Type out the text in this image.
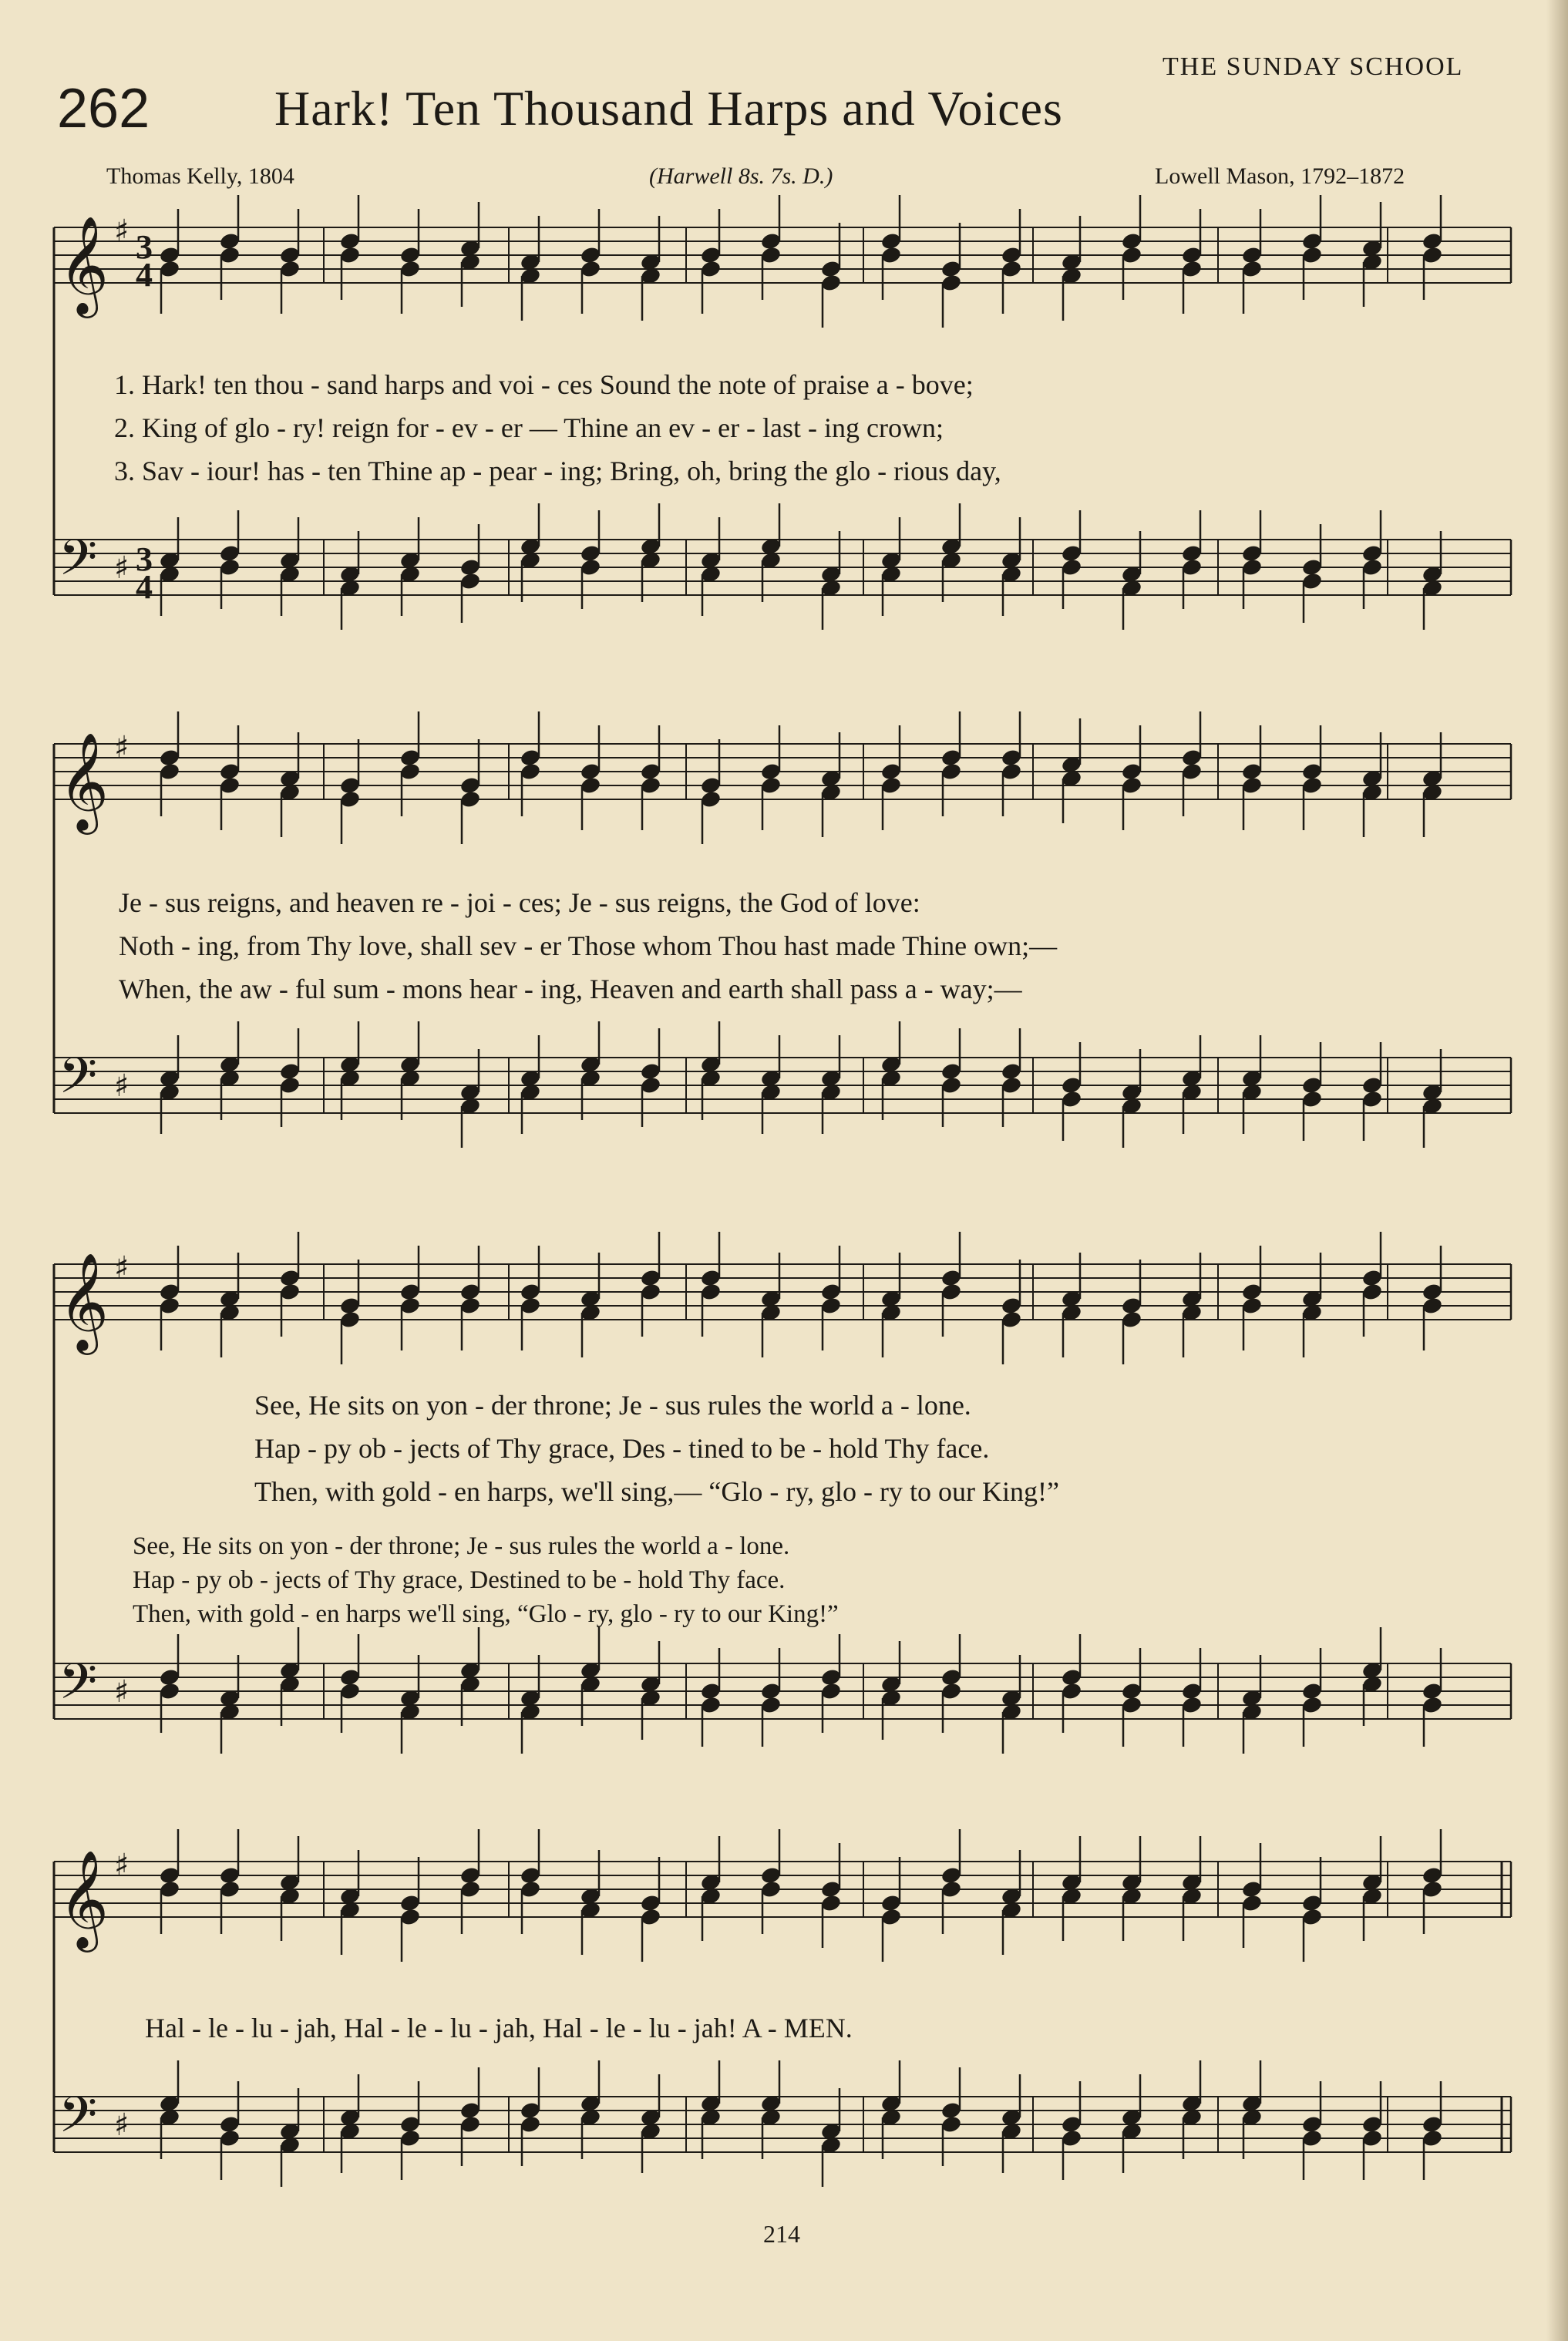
THE SUNDAY SCHOOL
262	Hark! Ten Thousand Harps and Voices
Thomas Kelly, 1804	(Harwell 8s. 7s. D.)	Lowell Mason, 1792–1872
𝄞
𝄢
♯
♯
3
4
3
4
𝄞
𝄢
♯
♯
𝄞
𝄢
♯
♯
𝄞
𝄢
♯
♯
1. Hark! ten thou - sand harps and voi - ces Sound the note of praise a - bove;
2. King of glo - ry! reign for - ev - er — Thine an ev - er - last - ing crown;
3. Sav - iour! has - ten Thine ap - pear - ing; Bring, oh, bring the glo - rious day,
Je - sus reigns, and heaven re - joi - ces; Je - sus reigns, the God of love:
Noth - ing, from Thy love, shall sev - er Those whom Thou hast made Thine own;—
When, the aw - ful sum - mons hear - ing, Heaven and earth shall pass a - way;—
See, He sits on yon - der throne; Je - sus rules the world a - lone.
Hap - py ob - jects of Thy grace, Des - tined to be - hold Thy face.
Then, with gold - en harps, we'll sing,— “Glo - ry, glo - ry to our King!”
See, He sits on yon - der throne; Je - sus rules the world a - lone.
Hap - py ob - jects of Thy grace, Destined to be - hold Thy face.
Then, with gold - en harps we'll sing, “Glo - ry, glo - ry to our King!”
Hal - le - lu - jah, Hal - le - lu - jah, Hal - le - lu - jah! A - MEN.
214
